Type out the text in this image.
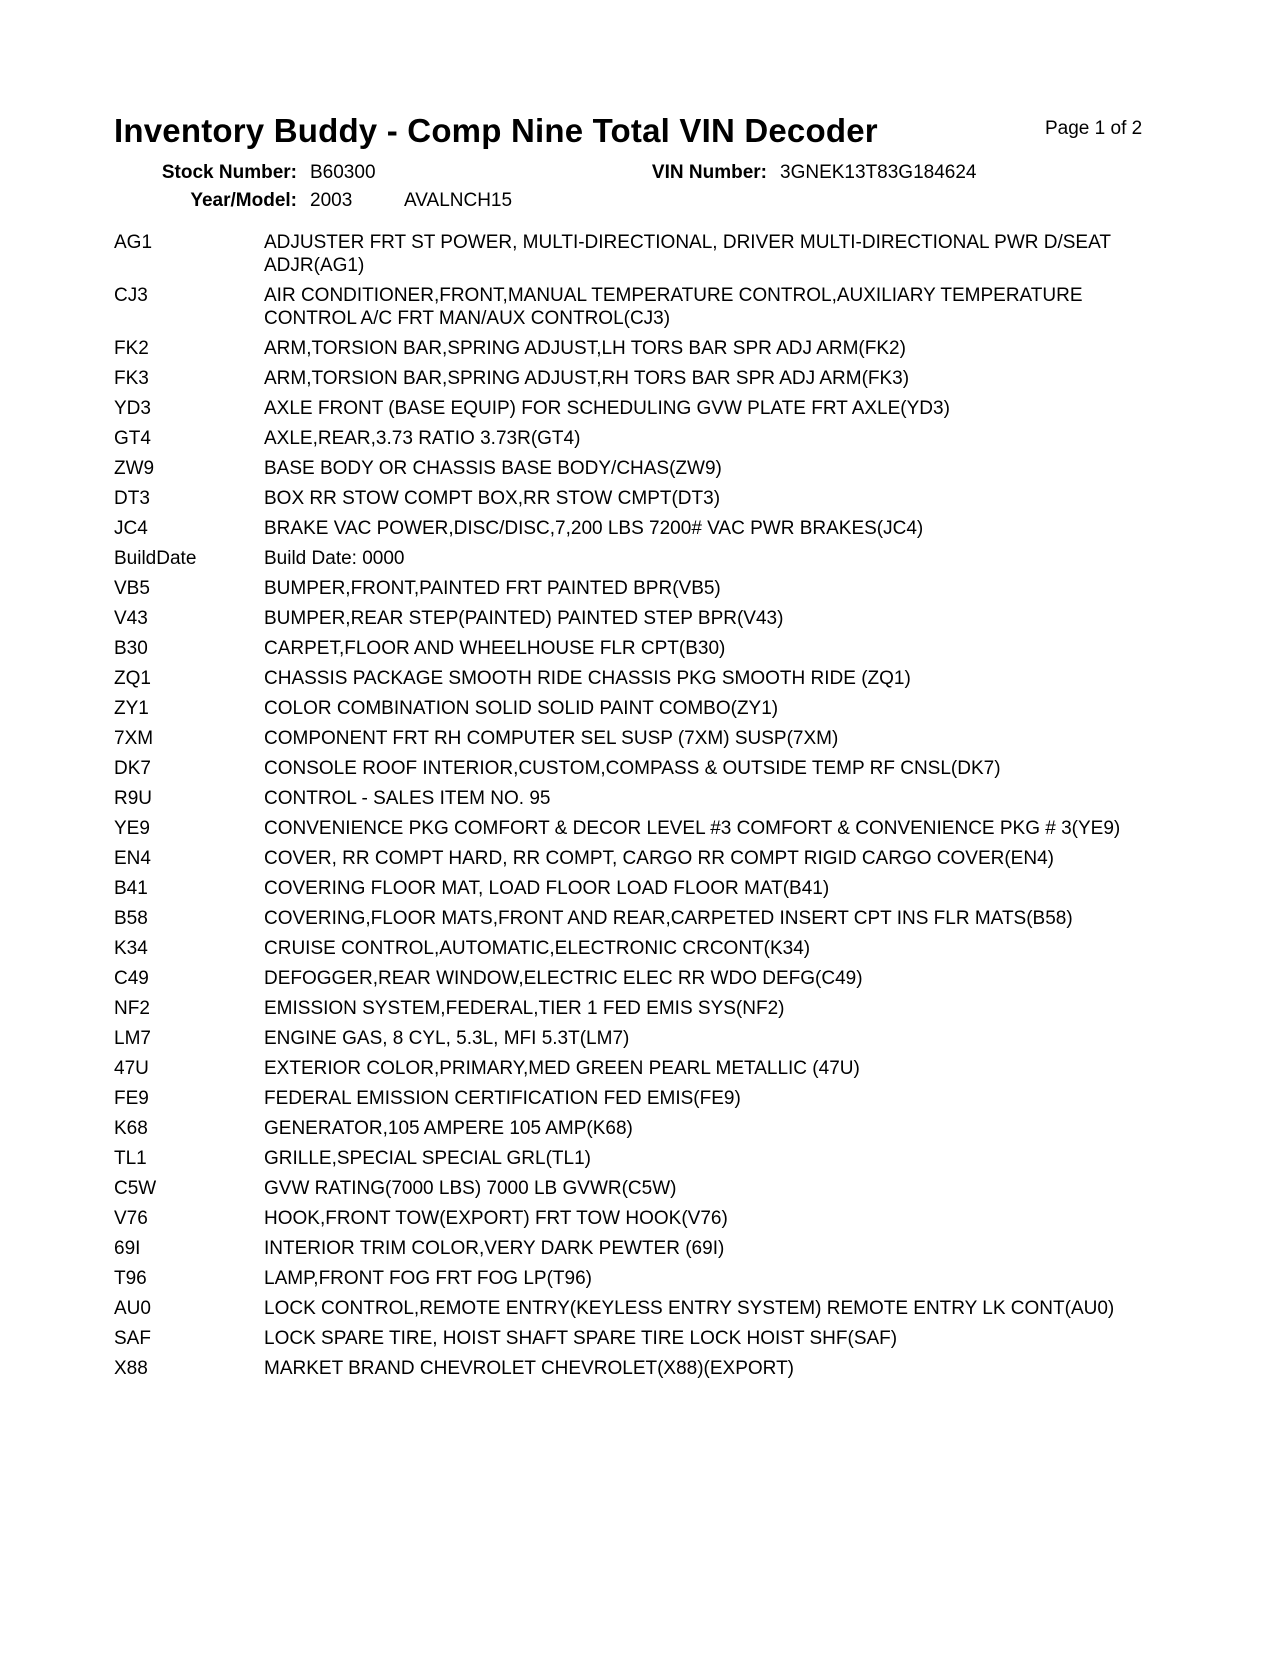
Inventory Buddy - Comp Nine Total VIN Decoder	Page 1 of 2
Stock Number: B60300	VIN Number: 3GNEK13T83G184624
Year/Model: 2003	AVALNCH15
AG1	ADJUSTER FRT ST POWER, MULTI-DIRECTIONAL, DRIVER MULTI-DIRECTIONAL PWR D/SEAT ADJR(AG1)
CJ3	AIR CONDITIONER,FRONT,MANUAL TEMPERATURE CONTROL,AUXILIARY TEMPERATURE CONTROL A/C FRT MAN/AUX CONTROL(CJ3)
FK2	ARM,TORSION BAR,SPRING ADJUST,LH TORS BAR SPR ADJ ARM(FK2)
FK3	ARM,TORSION BAR,SPRING ADJUST,RH TORS BAR SPR ADJ ARM(FK3)
YD3	AXLE FRONT (BASE EQUIP) FOR SCHEDULING GVW PLATE FRT AXLE(YD3)
GT4	AXLE,REAR,3.73 RATIO 3.73R(GT4)
ZW9	BASE BODY OR CHASSIS BASE BODY/CHAS(ZW9)
DT3	BOX RR STOW COMPT BOX,RR STOW CMPT(DT3)
JC4	BRAKE VAC POWER,DISC/DISC,7,200 LBS 7200# VAC PWR BRAKES(JC4)
BuildDate	Build Date: 0000
VB5	BUMPER,FRONT,PAINTED FRT PAINTED BPR(VB5)
V43	BUMPER,REAR STEP(PAINTED) PAINTED STEP BPR(V43)
B30	CARPET,FLOOR AND WHEELHOUSE FLR CPT(B30)
ZQ1	CHASSIS PACKAGE SMOOTH RIDE CHASSIS PKG SMOOTH RIDE (ZQ1)
ZY1	COLOR COMBINATION SOLID SOLID PAINT COMBO(ZY1)
7XM	COMPONENT FRT RH COMPUTER SEL SUSP (7XM) SUSP(7XM)
DK7	CONSOLE ROOF INTERIOR,CUSTOM,COMPASS & OUTSIDE TEMP RF CNSL(DK7)
R9U	CONTROL - SALES ITEM NO. 95
YE9	CONVENIENCE PKG COMFORT & DECOR LEVEL #3 COMFORT & CONVENIENCE PKG # 3(YE9)
EN4	COVER, RR COMPT HARD, RR COMPT, CARGO RR COMPT RIGID CARGO COVER(EN4)
B41	COVERING FLOOR MAT, LOAD FLOOR LOAD FLOOR MAT(B41)
B58	COVERING,FLOOR MATS,FRONT AND REAR,CARPETED INSERT CPT INS FLR MATS(B58)
K34	CRUISE CONTROL,AUTOMATIC,ELECTRONIC CRCONT(K34)
C49	DEFOGGER,REAR WINDOW,ELECTRIC ELEC RR WDO DEFG(C49)
NF2	EMISSION SYSTEM,FEDERAL,TIER 1 FED EMIS SYS(NF2)
LM7	ENGINE GAS, 8 CYL, 5.3L, MFI 5.3T(LM7)
47U	EXTERIOR COLOR,PRIMARY,MED GREEN PEARL METALLIC (47U)
FE9	FEDERAL EMISSION CERTIFICATION FED EMIS(FE9)
K68	GENERATOR,105 AMPERE 105 AMP(K68)
TL1	GRILLE,SPECIAL SPECIAL GRL(TL1)
C5W	GVW RATING(7000 LBS) 7000 LB GVWR(C5W)
V76	HOOK,FRONT TOW(EXPORT) FRT TOW HOOK(V76)
69I	INTERIOR TRIM COLOR,VERY DARK PEWTER (69I)
T96	LAMP,FRONT FOG FRT FOG LP(T96)
AU0	LOCK CONTROL,REMOTE ENTRY(KEYLESS ENTRY SYSTEM) REMOTE ENTRY LK CONT(AU0)
SAF	LOCK SPARE TIRE, HOIST SHAFT SPARE TIRE LOCK HOIST SHF(SAF)
X88	MARKET BRAND CHEVROLET CHEVROLET(X88)(EXPORT)
